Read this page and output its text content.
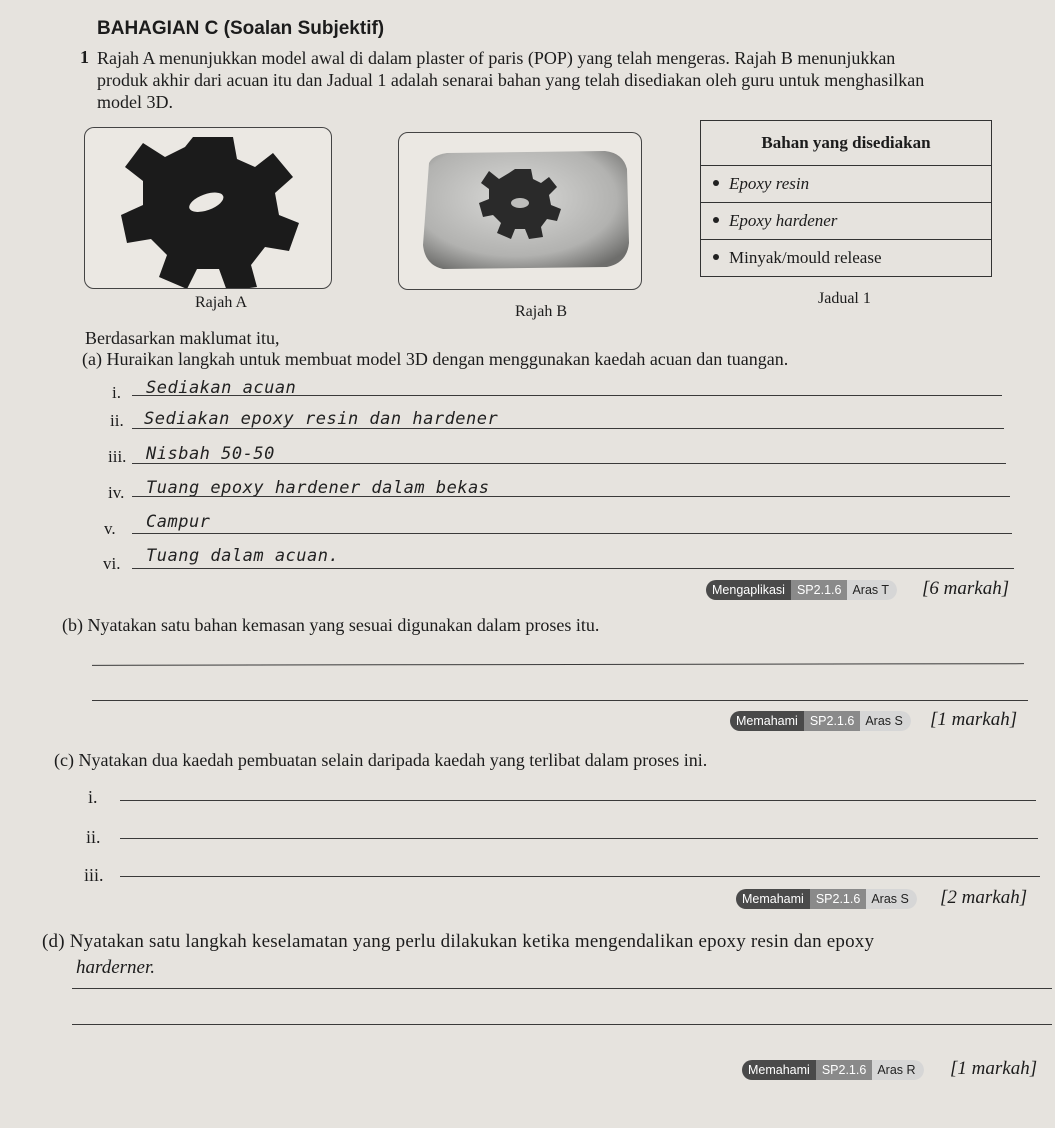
BAHAGIAN C (Soalan Subjektif)
1 Rajah A menunjukkan model awal di dalam plaster of paris (POP) yang telah mengeras. Rajah B menunjukkan
produk akhir dari acuan itu dan Jadual 1 adalah senarai bahan yang telah disediakan oleh guru untuk menghasilkan
model 3D.
Rajah A
Rajah B
Bahan yang disediakan
Epoxy resin
Epoxy hardener
Minyak/mould release
Jadual 1
Berdasarkan maklumat itu,
(a) Huraikan langkah untuk membuat model 3D dengan menggunakan kaedah acuan dan tuangan.
i. Sediakan acuan
ii. Sediakan epoxy resin dan hardener
iii. Nisbah 50-50
iv. Tuang epoxy hardener dalam bekas
v. Campur
vi. Tuang dalam acuan.
Mengaplikasi SP2.1.6 Aras T	[6 markah]
(b) Nyatakan satu bahan kemasan yang sesuai digunakan dalam proses itu.
Memahami SP2.1.6 Aras S	[1 markah]
(c) Nyatakan dua kaedah pembuatan selain daripada kaedah yang terlibat dalam proses ini.
i.
ii.
iii.
Memahami SP2.1.6 Aras S	[2 markah]
(d) Nyatakan satu langkah keselamatan yang perlu dilakukan ketika mengendalikan epoxy resin dan epoxy
harderner.
Memahami SP2.1.6 Aras R	[1 markah]
